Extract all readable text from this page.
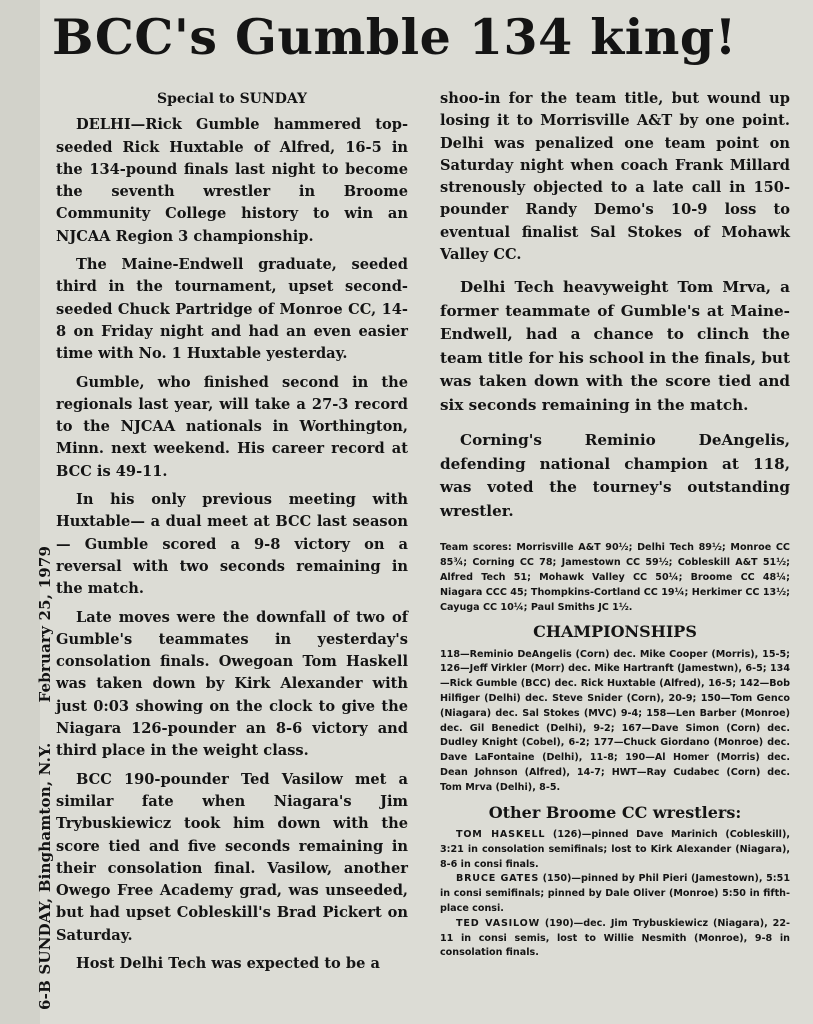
6-B SUNDAY, Binghamton, N.Y.February 25, 1979
BCC's Gumble 134 king!
Special to SUNDAY

DELHI—Rick Gumble hammered top-seeded Rick Huxtable of Alfred, 16-5 in the 134-pound finals last night to become the seventh wrestler in Broome Community College history to win an NJCAA Region 3 championship.

The Maine-Endwell graduate, seeded third in the tournament, upset second-seeded Chuck Partridge of Monroe CC, 14-8 on Friday night and had an even easier time with No. 1 Huxtable yesterday.

Gumble, who finished second in the regionals last year, will take a 27-3 record to the NJCAA nationals in Worthington, Minn. next weekend. His career record at BCC is 49-11.

In his only previous meeting with Huxtable— a dual meet at BCC last season— Gumble scored a 9-8 victory on a reversal with two seconds remaining in the match.

Late moves were the downfall of two of Gumble's teammates in yesterday's consolation finals. Owegoan Tom Haskell was taken down by Kirk Alexander with just 0:03 showing on the clock to give the Niagara 126-pounder an 8-6 victory and third place in the weight class.

BCC 190-pounder Ted Vasilow met a similar fate when Niagara's Jim Trybuskiewicz took him down with the score tied and five seconds remaining in their consolation final. Vasilow, another Owego Free Academy grad, was unseeded, but had upset Cobleskill's Brad Pickert on Saturday.

Host Delhi Tech was expected to be a

shoo-in for the team title, but wound up losing it to Morrisville A&T by one point. Delhi was penalized one team point on Saturday night when coach Frank Millard strenously objected to a late call in 150-pounder Randy Demo's 10-9 loss to eventual finalist Sal Stokes of Mohawk Valley CC.

Delhi Tech heavyweight Tom Mrva, a former teammate of Gumble's at Maine-Endwell, had a chance to clinch the team title for his school in the finals, but was taken down with the score tied and six seconds remaining in the match.

Corning's Reminio DeAngelis, defending national champion at 118, was voted the tourney's outstanding wrestler.

Team scores: Morrisville A&T 90½; Delhi Tech 89½; Monroe CC 85¾; Corning CC 78; Jamestown CC 59½; Cobleskill A&T 51½; Alfred Tech 51; Mohawk Valley CC 50¼; Broome CC 48¼; Niagara CCC 45; Thompkins-Cortland CC 19¼; Herkimer CC 13½; Cayuga CC 10¼; Paul Smiths JC 1½.
CHAMPIONSHIPS
118—Reminio DeAngelis (Corn) dec. Mike Cooper (Morris), 15-5; 126—Jeff Virkler (Morr) dec. Mike Hartranft (Jamestwn), 6-5; 134—Rick Gumble (BCC) dec. Rick Huxtable (Alfred), 16-5; 142—Bob Hilfiger (Delhi) dec. Steve Snider (Corn), 20-9; 150—Tom Genco (Niagara) dec. Sal Stokes (MVC) 9-4; 158—Len Barber (Monroe) dec. Gil Benedict (Delhi), 9-2; 167—Dave Simon (Corn) dec. Dudley Knight (Cobel), 6-2; 177—Chuck Giordano (Monroe) dec. Dave LaFontaine (Delhi), 11-8; 190—Al Homer (Morris) dec. Dean Johnson (Alfred), 14-7; HWT—Ray Cudabec (Corn) dec. Tom Mrva (Delhi), 8-5.
Other Broome CC wrestlers:

TOM HASKELL (126)—pinned Dave Marinich (Cobleskill), 3:21 in consolation semifinals; lost to Kirk Alexander (Niagara), 8-6 in consi finals.

BRUCE GATES (150)—pinned by Phil Pieri (Jamestown), 5:51 in consi semifinals; pinned by Dale Oliver (Monroe) 5:50 in fifth-place consi.

TED VASILOW (190)—dec. Jim Trybuskiewicz (Niagara), 22-11 in consi semis, lost to Willie Nesmith (Monroe), 9-8 in consolation finals.
